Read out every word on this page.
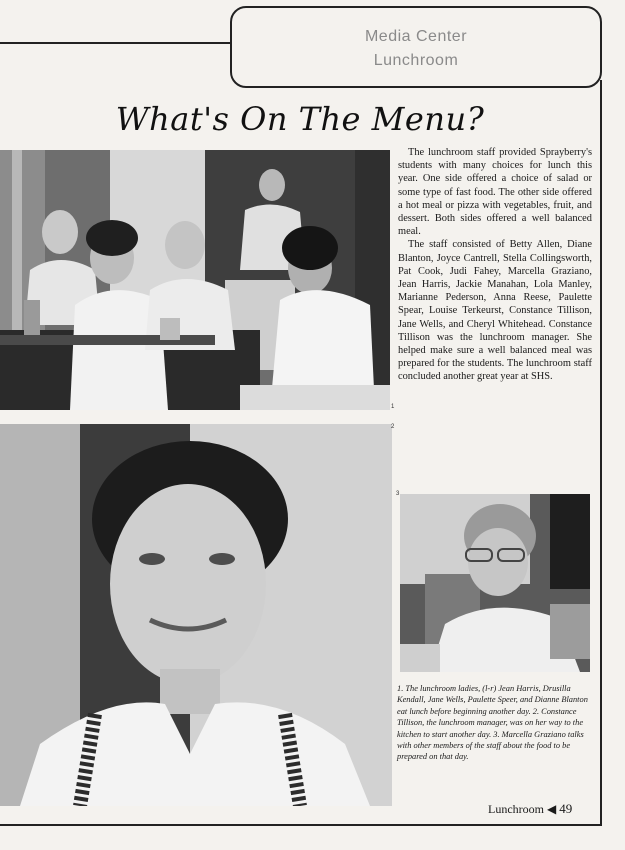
Media Center
Lunchroom
What's On The Menu?
1
2
3

The lunchroom staff provided Sprayberry's students with many choices for lunch this year. One side offered a choice of salad or some type of fast food. The other side offered a hot meal or pizza with vegetables, fruit, and dessert. Both sides offered a well balanced meal.

The staff consisted of Betty Allen, Diane Blanton, Joyce Cantrell, Stella Collingsworth, Pat Cook, Judi Fahey, Marcella Graziano, Jean Harris, Jackie Manahan, Lola Manley, Marianne Pederson, Anna Reese, Paulette Spear, Louise Terkeurst, Constance Tillison, Jane Wells, and Cheryl Whitehead. Constance Tillison was the lunchroom manager. She helped make sure a well balanced meal was prepared for the students. The lunchroom staff concluded another great year at SHS.

1. The lunchroom ladies, (l-r) Jean Harris, Drusilla Kendall, Jane Wells, Paulette Speer, and Dianne Blanton eat lunch before beginning another day. 2. Constance Tillison, the lunchroom manager, was on her way to the kitchen to start another day. 3. Marcella Graziano talks with other members of the staff about the food to be prepared on that day.
Lunchroom ◀ 49
